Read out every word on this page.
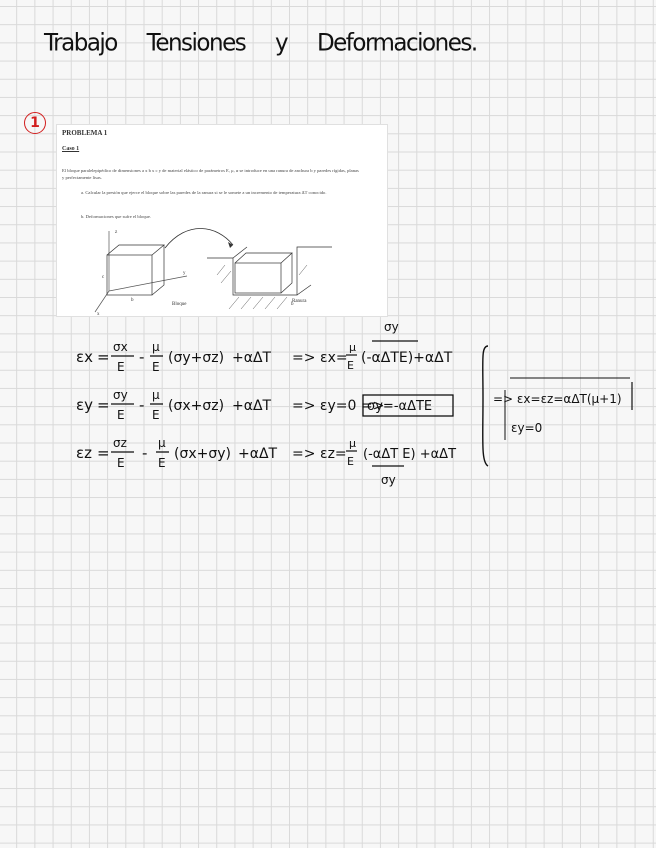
Trabajo Tensiones y Deformaciones.
1
PROBLEMA 1
Caso 1
El bloque paralelepipédico de dimensiones a x b x c y de material elástico de parámetros E, μ, α se introduce en una ranura de anchura b y paredes rígidas, planas y perfectamente lisas.
a. Calcular la presión que ejerce el bloque sobre las paredes de la ranura si se le somete a un incremento de temperatura ΔT conocido.
b. Deformaciones que sufre el bloque.
z
y
x
c
b
Bloque	b
Ranura
εx =
σx
E
-
μ
E
(σy+σz) +αΔT => εx=
μ
E (-αΔTE)+αΔT
σy
εy =
σy
E
-
μ
E
(σx+σz) +αΔT => εy=0 =>
σy=-αΔTE
εz =
σz
E
-
μ
E
(σx+σy) +αΔT => εz=
μ
E (-αΔT E) +αΔT
σy
=> εx=εz=αΔT(μ+1)
εy=0
